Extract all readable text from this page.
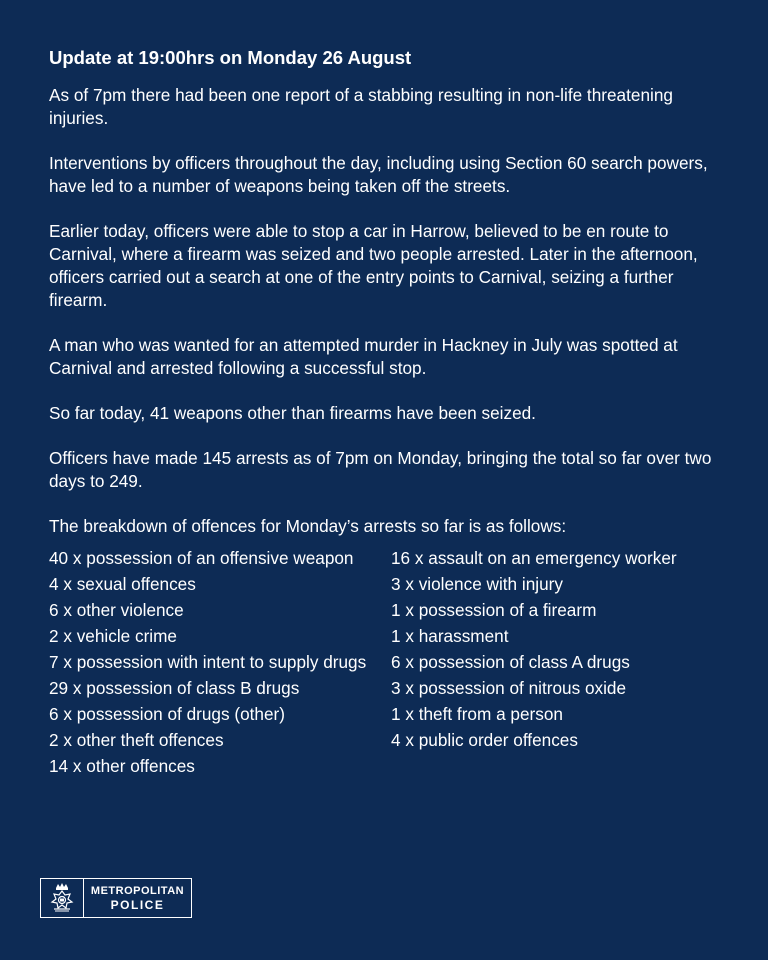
Update at 19:00hrs on Monday 26 August

As of 7pm there had been one report of a stabbing resulting in non-life threatening injuries.

Interventions by officers throughout the day, including using Section 60 search powers, have led to a number of weapons being taken off the streets.

Earlier today, officers were able to stop a car in Harrow, believed to be en route to Carnival, where a firearm was seized and two people arrested. Later in the afternoon, officers carried out a search at one of the entry points to Carnival, seizing a further firearm.

A man who was wanted for an attempted murder in Hackney in July was spotted at Carnival and arrested following a successful stop.

So far today, 41 weapons other than firearms have been seized.

Officers have made 145 arrests as of 7pm on Monday, bringing the total so far over two days to 249.

The breakdown of offences for Monday’s arrests so far is as follows:

40 x possession of an offensive weapon	16 x assault on an emergency worker
4 x sexual offences	3 x violence with injury
6 x other violence	1 x possession of a firearm
2 x vehicle crime	1 x harassment
7 x possession with intent to supply drugs	6 x possession of class A drugs
29 x possession of class B drugs	3 x possession of nitrous oxide
6 x possession of drugs (other)	1 x theft from a person
2 x other theft offences	4 x public order offences
14 x other offences
METROPOLITAN
POLICE
